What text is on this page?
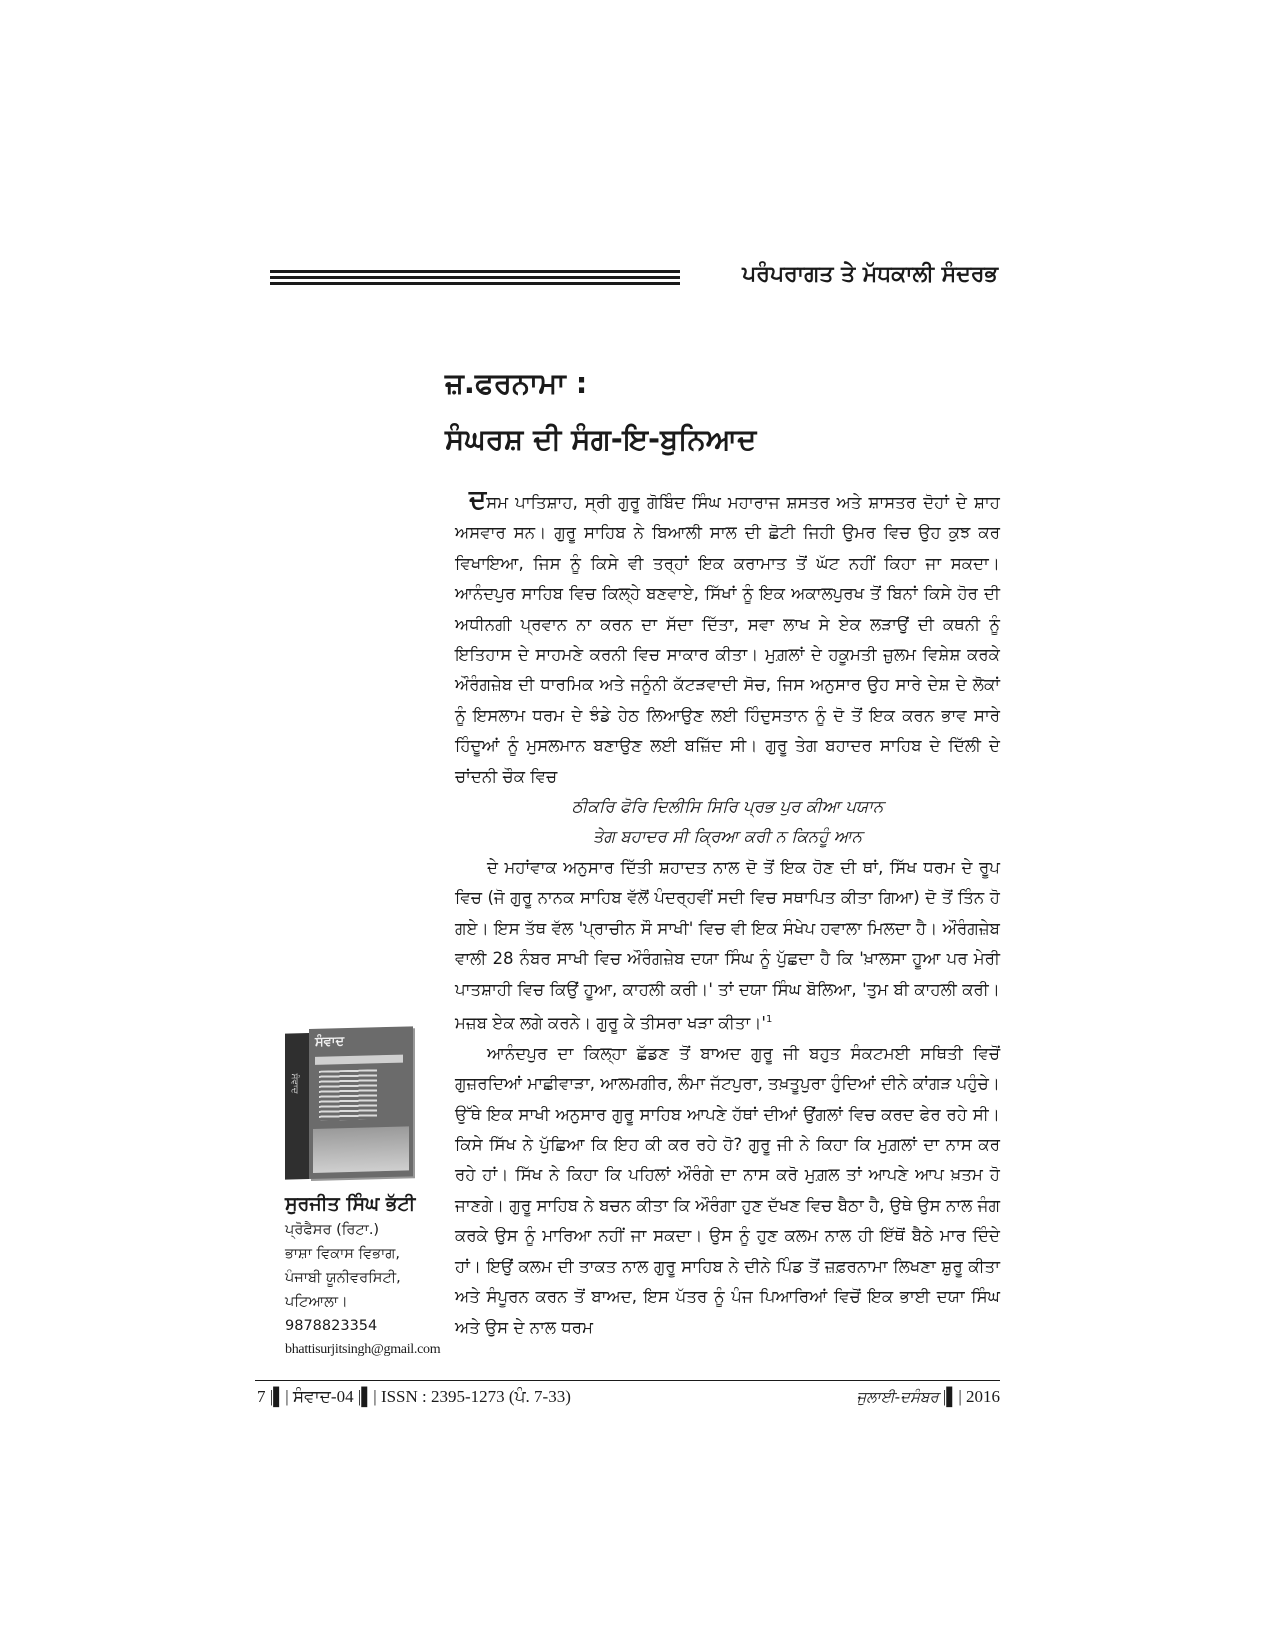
ਪਰੰਪਰਾਗਤ ਤੇ ਮੱਧਕਾਲੀ ਸੰਦਰਭ
ਜ਼.ਫਰਨਾਮਾ :
ਸੰਘਰਸ਼ ਦੀ ਸੰਗ-ਇ-ਬੁਨਿਆਦ

ਦਸਮ ਪਾਤਿਸ਼ਾਹ, ਸ੍ਰੀ ਗੁਰੂ ਗੋਬਿੰਦ ਸਿੰਘ ਮਹਾਰਾਜ ਸ਼ਸਤਰ ਅਤੇ ਸ਼ਾਸਤਰ ਦੋਹਾਂ ਦੇ ਸ਼ਾਹ ਅਸਵਾਰ ਸਨ। ਗੁਰੂ ਸਾਹਿਬ ਨੇ ਬਿਆਲੀ ਸਾਲ ਦੀ ਛੋਟੀ ਜਿਹੀ ਉਮਰ ਵਿਚ ਉਹ ਕੁਝ ਕਰ ਵਿਖਾਇਆ, ਜਿਸ ਨੂੰ ਕਿਸੇ ਵੀ ਤਰ੍ਹਾਂ ਇਕ ਕਰਾਮਾਤ ਤੋਂ ਘੱਟ ਨਹੀਂ ਕਿਹਾ ਜਾ ਸਕਦਾ। ਆਨੰਦਪੁਰ ਸਾਹਿਬ ਵਿਚ ਕਿਲ੍ਹੇ ਬਣਵਾਏ, ਸਿੱਖਾਂ ਨੂੰ ਇਕ ਅਕਾਲਪੁਰਖ ਤੋਂ ਬਿਨਾਂ ਕਿਸੇ ਹੋਰ ਦੀ ਅਧੀਨਗੀ ਪ੍ਰਵਾਨ ਨਾ ਕਰਨ ਦਾ ਸੱਦਾ ਦਿੱਤਾ, ਸਵਾ ਲਾਖ ਸੇ ਏਕ ਲੜਾਉਂ ਦੀ ਕਥਨੀ ਨੂੰ ਇਤਿਹਾਸ ਦੇ ਸਾਹਮਣੇ ਕਰਨੀ ਵਿਚ ਸਾਕਾਰ ਕੀਤਾ। ਮੁਗ਼ਲਾਂ ਦੇ ਹਕੂਮਤੀ ਜ਼ੁਲਮ ਵਿਸ਼ੇਸ਼ ਕਰਕੇ ਔਰੰਗਜ਼ੇਬ ਦੀ ਧਾਰਮਿਕ ਅਤੇ ਜਨੂੰਨੀ ਕੱਟੜਵਾਦੀ ਸੋਚ, ਜਿਸ ਅਨੁਸਾਰ ਉਹ ਸਾਰੇ ਦੇਸ਼ ਦੇ ਲੋਕਾਂ ਨੂੰ ਇਸਲਾਮ ਧਰਮ ਦੇ ਝੰਡੇ ਹੇਠ ਲਿਆਉਣ ਲਈ ਹਿੰਦੁਸਤਾਨ ਨੂੰ ਦੋ ਤੋਂ ਇਕ ਕਰਨ ਭਾਵ ਸਾਰੇ ਹਿੰਦੂਆਂ ਨੂੰ ਮੁਸਲਮਾਨ ਬਣਾਉਣ ਲਈ ਬਜ਼ਿੱਦ ਸੀ। ਗੁਰੂ ਤੇਗ ਬਹਾਦਰ ਸਾਹਿਬ ਦੇ ਦਿੱਲੀ ਦੇ ਚਾਂਦਨੀ ਚੌਕ ਵਿਚ

ਠੀਕਰਿ ਫੋਰਿ ਦਿਲੀਸਿ ਸਿਰਿ ਪ੍ਰਭ ਪੁਰ ਕੀਆ ਪਯਾਨ

ਤੇਗ ਬਹਾਦਰ ਸੀ ਕ੍ਰਿਆ ਕਰੀ ਨ ਕਿਨਹੂੰ ਆਨ

ਦੇ ਮਹਾਂਵਾਕ ਅਨੁਸਾਰ ਦਿੱਤੀ ਸ਼ਹਾਦਤ ਨਾਲ ਦੋ ਤੋਂ ਇਕ ਹੋਣ ਦੀ ਥਾਂ, ਸਿੱਖ ਧਰਮ ਦੇ ਰੂਪ ਵਿਚ (ਜੋ ਗੁਰੂ ਨਾਨਕ ਸਾਹਿਬ ਵੱਲੋਂ ਪੰਦਰ੍ਹਵੀਂ ਸਦੀ ਵਿਚ ਸਥਾਪਿਤ ਕੀਤਾ ਗਿਆ) ਦੋ ਤੋਂ ਤਿੰਨ ਹੋ ਗਏ। ਇਸ ਤੱਥ ਵੱਲ 'ਪ੍ਰਾਚੀਨ ਸੌ ਸਾਖੀ' ਵਿਚ ਵੀ ਇਕ ਸੰਖੇਪ ਹਵਾਲਾ ਮਿਲਦਾ ਹੈ। ਔਰੰਗਜ਼ੇਬ ਵਾਲੀ 28 ਨੰਬਰ ਸਾਖੀ ਵਿਚ ਔਰੰਗਜ਼ੇਬ ਦਯਾ ਸਿੰਘ ਨੂੰ ਪੁੱਛਦਾ ਹੈ ਕਿ 'ਖ਼ਾਲਸਾ ਹੂਆ ਪਰ ਮੇਰੀ ਪਾਤਸ਼ਾਹੀ ਵਿਚ ਕਿਉਂ ਹੂਆ, ਕਾਹਲੀ ਕਰੀ।' ਤਾਂ ਦਯਾ ਸਿੰਘ ਬੋਲਿਆ, 'ਤੁਮ ਬੀ ਕਾਹਲੀ ਕਰੀ। ਮਜ਼ਬ ਏਕ ਲਗੇ ਕਰਨੇ। ਗੁਰੂ ਕੇ ਤੀਸਰਾ ਖੜਾ $ਕੀਤਾ।'^1$

ਆਨੰਦਪੁਰ ਦਾ ਕਿਲ੍ਹਾ ਛੱਡਣ ਤੋਂ ਬਾਅਦ ਗੁਰੂ ਜੀ ਬਹੁਤ ਸੰਕਟਮਈ ਸਥਿਤੀ ਵਿਚੋਂ ਗੁਜ਼ਰਦਿਆਂ ਮਾਛੀਵਾੜਾ, ਆਲਮਗੀਰ, ਲੰਮਾ ਜੱਟਪੁਰਾ, ਤਖ਼ਤੂਪੁਰਾ ਹੁੰਦਿਆਂ ਦੀਨੇ ਕਾਂਗੜ ਪਹੁੰਚੇ। ਉੱਥੇ ਇਕ ਸਾਖੀ ਅਨੁਸਾਰ ਗੁਰੂ ਸਾਹਿਬ ਆਪਣੇ ਹੱਥਾਂ ਦੀਆਂ ਉਂਗਲਾਂ ਵਿਚ ਕਰਦ ਫੇਰ ਰਹੇ ਸੀ। ਕਿਸੇ ਸਿੱਖ ਨੇ ਪੁੱਛਿਆ ਕਿ ਇਹ ਕੀ ਕਰ ਰਹੇ ਹੋ? ਗੁਰੂ ਜੀ ਨੇ ਕਿਹਾ ਕਿ ਮੁਗ਼ਲਾਂ ਦਾ ਨਾਸ ਕਰ ਰਹੇ ਹਾਂ। ਸਿੱਖ ਨੇ ਕਿਹਾ ਕਿ ਪਹਿਲਾਂ ਔਰੰਗੇ ਦਾ ਨਾਸ ਕਰੋ ਮੁਗ਼ਲ ਤਾਂ ਆਪਣੇ ਆਪ ਖ਼ਤਮ ਹੋ ਜਾਣਗੇ। ਗੁਰੂ ਸਾਹਿਬ ਨੇ ਬਚਨ ਕੀਤਾ ਕਿ ਔਰੰਗਾ ਹੁਣ ਦੱਖਣ ਵਿਚ ਬੈਠਾ ਹੈ, ਉਥੇ ਉਸ ਨਾਲ ਜੰਗ ਕਰਕੇ ਉਸ ਨੂੰ ਮਾਰਿਆ ਨਹੀਂ ਜਾ ਸਕਦਾ। ਉਸ ਨੂੰ ਹੁਣ ਕਲਮ ਨਾਲ ਹੀ ਇੱਥੋਂ ਬੈਠੇ ਮਾਰ ਦਿੰਦੇ ਹਾਂ। ਇਉਂ ਕਲਮ ਦੀ ਤਾਕਤ ਨਾਲ ਗੁਰੂ ਸਾਹਿਬ ਨੇ ਦੀਨੇ ਪਿੰਡ ਤੋਂ ਜ਼ਫ਼ਰਨਾਮਾ ਲਿਖਣਾ ਸ਼ੁਰੂ ਕੀਤਾ ਅਤੇ ਸੰਪੂਰਨ ਕਰਨ ਤੋਂ ਬਾਅਦ, ਇਸ ਪੱਤਰ ਨੂੰ ਪੰਜ ਪਿਆਰਿਆਂ ਵਿਚੋਂ ਇਕ ਭਾਈ ਦਯਾ ਸਿੰਘ ਅਤੇ ਉਸ ਦੇ ਨਾਲ ਧਰਮ

ਸੰਵਾਦ
ਸੰਵਾਦ
ਸੁਰਜੀਤ ਸਿੰਘ ਭੱਟੀ
ਪ੍ਰੋਫੈਸਰ (ਰਿਟਾ.)
ਭਾਸ਼ਾ ਵਿਕਾਸ ਵਿਭਾਗ,
ਪੰਜਾਬੀ ਯੂਨੀਵਰਸਿਟੀ,
ਪਟਿਆਲਾ।
9878823354
bhattisurjitsingh@gmail.com
7 |▌| ਸੰਵਾਦ-04 |▌| ISSN : 2395-1273 (ਪੰ. 7-33)	ਜੁਲਾਈ-ਦਸੰਬਰ |▌| 2016
